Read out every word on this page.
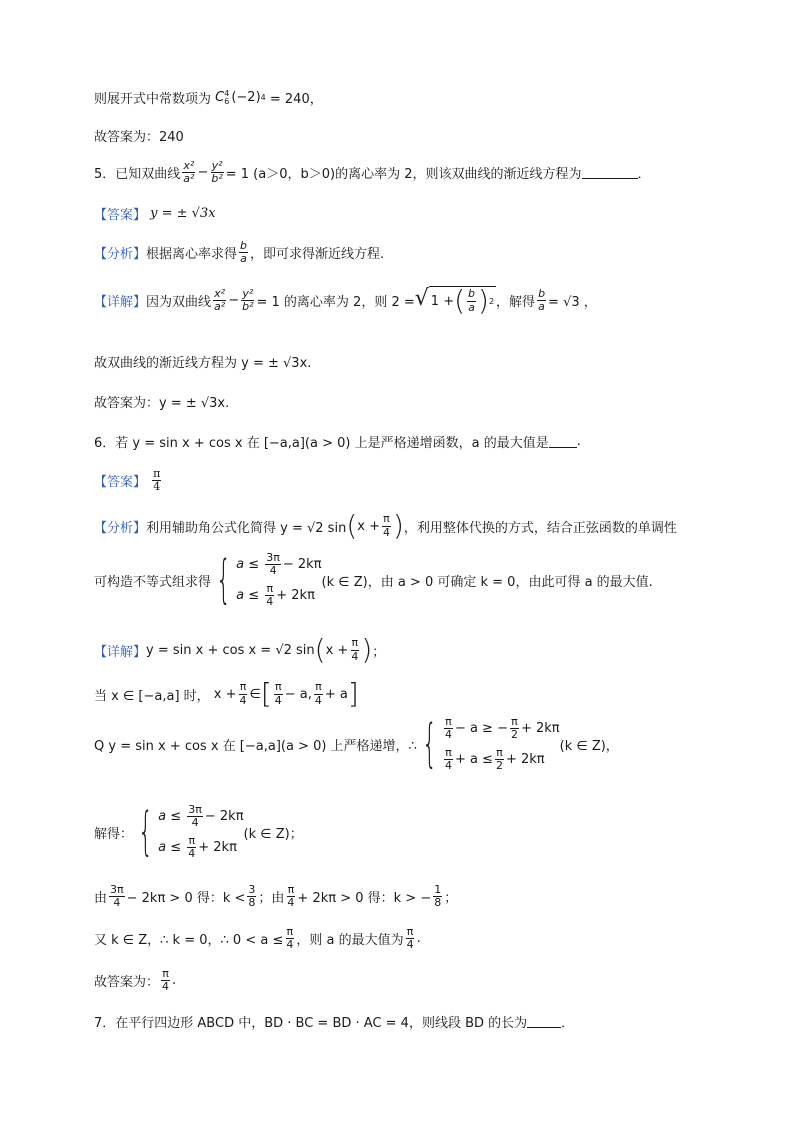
则展开式中常数项为
C 4
6 (−2) 4
= 240，
故答案为：240
5．已知双曲线 $\frac{\text{x²}}{\text{a²}} - \frac{\text{y²}}{\text{b²}} = 1$ (a＞0，b＞0)的离心率为 2，则该双曲线的渐近线方程为	．
【答案】
y = ± √3x
【分析】 根据离心率求得 $\frac{b}{a}$ ，即可求得渐近线方程.
【详解】 因为双曲线 $\frac{\text{x²}}{\text{a²}} - \frac{\text{y²}}{\text{b²}} = 1$ 的离心率为 2，则 2 = √ 1 + ( $\frac{b}{a}$ ) 2 ，解得 $\frac{b}{a} = √3$ ，
故双曲线的渐近线方程为 y = ± √3x.
故答案为：y = ± √3x.
6．若 y = sin x + cos x 在 [−a,a](a > 0) 上是严格递增函数，a 的最大值是 .
【答案】
$\frac{\pi}{4}$
【分析】 利用辅助角公式化简得 y = √2 sin ( $x + \frac{\pi}{4}$ ) ，利用整体代换的方式，结合正弦函数的单调性
可构造不等式组求得 { a ≤
$\frac{3\pi}{4} - 2k\pi$
a ≤
$\frac{\pi}{4} + 2k\pi$
(k ∈ Z)，由 a > 0 可确定 k = 0，由此可得 a 的最大值.
【详解】 y = sin x + cos x = √2 sin ( $x + \frac{\pi}{4}$ ) ；
当 x ∈ [−a,a] 时，
$x + \frac{\pi}{4}$ ∈ [ $\frac{\pi}{4} - a$, $\frac{\pi}{4} + a$ ]
Q y = sin x + cos x 在 [−a,a](a > 0) 上严格递增，∴ { $\frac{\pi}{4} - a$ ≥ − $\frac{\pi}{2} + 2k\pi$
$\frac{\pi}{4} + a \le \frac{\pi}{2} + 2k\pi$
(k ∈ Z)，
解得： { a ≤
$\frac{3\pi}{4} - 2k\pi$
a ≤
$\frac{\pi}{4} + 2k\pi$
(k ∈ Z)；
由 $\frac{3\pi}{4} - 2k\pi > 0$ 得：$k < \frac{3}{8}$ ；由 $\frac{\pi}{4} + 2k\pi > 0$ 得：k > − $\frac{1}{8}$ ；
又 k ∈ Z，∴ k = 0，∴ $0 < a \le \frac{\pi}{4}$ ，则 a 的最大值为 $\frac{\pi}{4}$ .
故答案为： $\frac{\pi}{4}$ .
7．在平行四边形 ABCD 中，BD · BC = BD · AC = 4，则线段 BD 的长为	．
